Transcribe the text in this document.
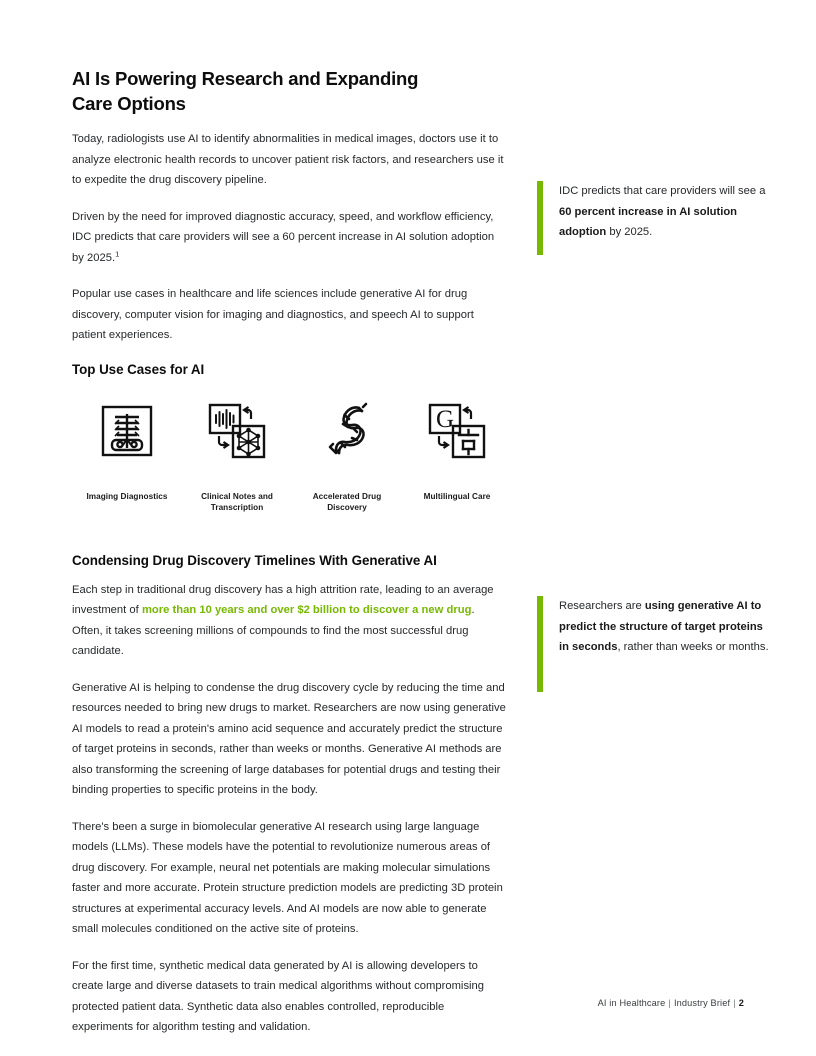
AI Is Powering Research and Expanding
Care Options

Today, radiologists use AI to identify abnormalities in medical images, doctors use it to analyze electronic health records to uncover patient risk factors, and researchers use it to expedite the drug discovery pipeline.

Driven by the need for improved diagnostic accuracy, speed, and workflow efficiency, IDC predicts that care providers will see a 60 percent increase in AI solution adoption by 2025.$^1$

Popular use cases in healthcare and life sciences include generative AI for drug discovery, computer vision for imaging and diagnostics, and speech AI to support patient experiences.

Top Use Cases for AI
Imaging Diagnostics	Clinical Notes and
Transcription
Accelerated Drug
Discovery
G
Multilingual Care
Condensing Drug Discovery Timelines With Generative AI

Each step in traditional drug discovery has a high attrition rate, leading to an average investment of more than 10 years and over $2 billion to discover a new drug. Often, it takes screening millions of compounds to find the most successful drug candidate.

Generative AI is helping to condense the drug discovery cycle by reducing the time and resources needed to bring new drugs to market. Researchers are now using generative AI models to read a protein's amino acid sequence and accurately predict the structure of target proteins in seconds, rather than weeks or months. Generative AI methods are also transforming the screening of large databases for potential drugs and testing their binding properties to specific proteins in the body.

There's been a surge in biomolecular generative AI research using large language models (LLMs). These models have the potential to revolutionize numerous areas of drug discovery. For example, neural net potentials are making molecular simulations faster and more accurate. Protein structure prediction models are predicting 3D protein structures at experimental accuracy levels. And AI models are now able to generate small molecules conditioned on the active site of proteins.

For the first time, synthetic medical data generated by AI is allowing developers to create large and diverse datasets to train medical algorithms without compromising protected patient data. Synthetic data also enables controlled, reproducible experiments for algorithm testing and validation.

IDC predicts that care providers will see a 60 percent increase in AI solution adoption by 2025.
Researchers are using generative AI to predict the structure of target proteins in seconds, rather than weeks or months.
AI in Healthcare | Industry Brief | 2
